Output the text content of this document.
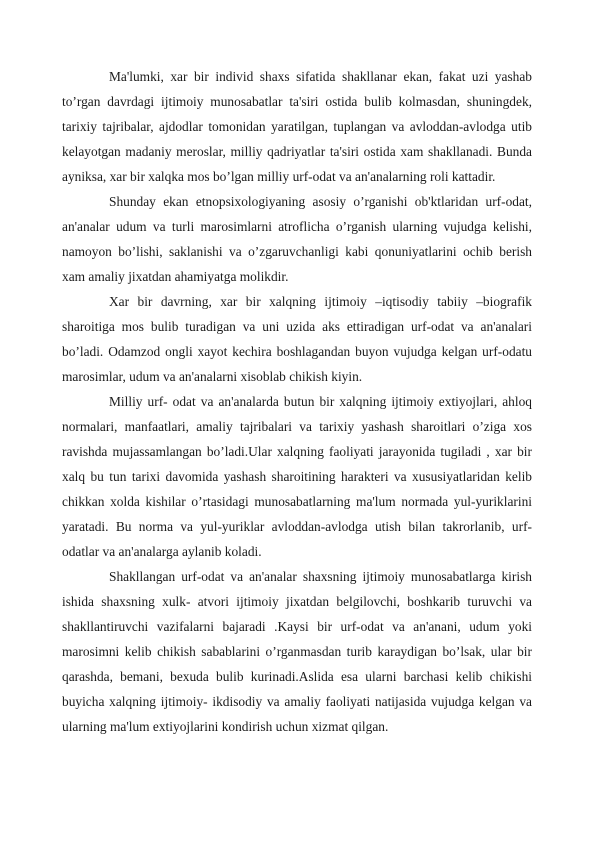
Ma'lumki, xar bir individ shaxs sifatida shakllanar ekan, fakat uzi yashab to’rgan davrdagi ijtimoiy munosabatlar ta'siri ostida bulib kolmasdan, shuningdek, tarixiy tajribalar, ajdodlar tomonidan yaratilgan, tuplangan va avloddan-avlodga utib kelayotgan madaniy meroslar, milliy qadriyatlar ta'siri ostida xam shakllanadi. Bunda ayniksa, xar bir xalqka mos bo’lgan milliy urf-odat va an'analarning roli kattadir.

Shunday ekan etnopsixologiyaning asosiy o’rganishi ob'ktlaridan urf-odat, an'analar udum va turli marosimlarni atroflicha o’rganish ularning vujudga kelishi, namoyon bo’lishi, saklanishi va o’zgaruvchanligi kabi qonuniyatlarini ochib berish xam amaliy jixatdan ahamiyatga molikdir.

Xar bir davrning, xar bir xalqning ijtimoiy –iqtisodiy tabiiy –biografik sharoitiga mos bulib turadigan va uni uzida aks ettiradigan urf-odat va an'analari bo’ladi. Odamzod ongli xayot kechira boshlagandan buyon vujudga kelgan urf-odatu marosimlar, udum va an'analarni xisoblab chikish kiyin.

Milliy urf- odat va an'analarda butun bir xalqning ijtimoiy extiyojlari, ahloq normalari, manfaatlari, amaliy tajribalari va tarixiy yashash sharoitlari o’ziga xos ravishda mujassamlangan bo’ladi.Ular xalqning faoliyati jarayonida tugiladi , xar bir xalq bu tun tarixi davomida yashash sharoitining harakteri va xususiyatlaridan kelib chikkan xolda kishilar o’rtasidagi munosabatlarning ma'lum normada yul-yuriklarini yaratadi. Bu norma va yul-yuriklar avloddan-avlodga utish bilan takrorlanib, urf-odatlar va an'analarga aylanib koladi.

Shakllangan urf-odat va an'analar shaxsning ijtimoiy munosabatlarga kirish ishida shaxsning xulk- atvori ijtimoiy jixatdan belgilovchi, boshkarib turuvchi va shakllantiruvchi vazifalarni bajaradi .Kaysi bir urf-odat va an'anani, udum yoki marosimni kelib chikish sabablarini o’rganmasdan turib karaydigan bo’lsak, ular bir qarashda, bemani, bexuda bulib kurinadi.Aslida esa ularni barchasi kelib chikishi buyicha xalqning ijtimoiy- ikdisodiy va amaliy faoliyati natijasida vujudga kelgan va ularning ma'lum extiyojlarini kondirish uchun xizmat qilgan.
